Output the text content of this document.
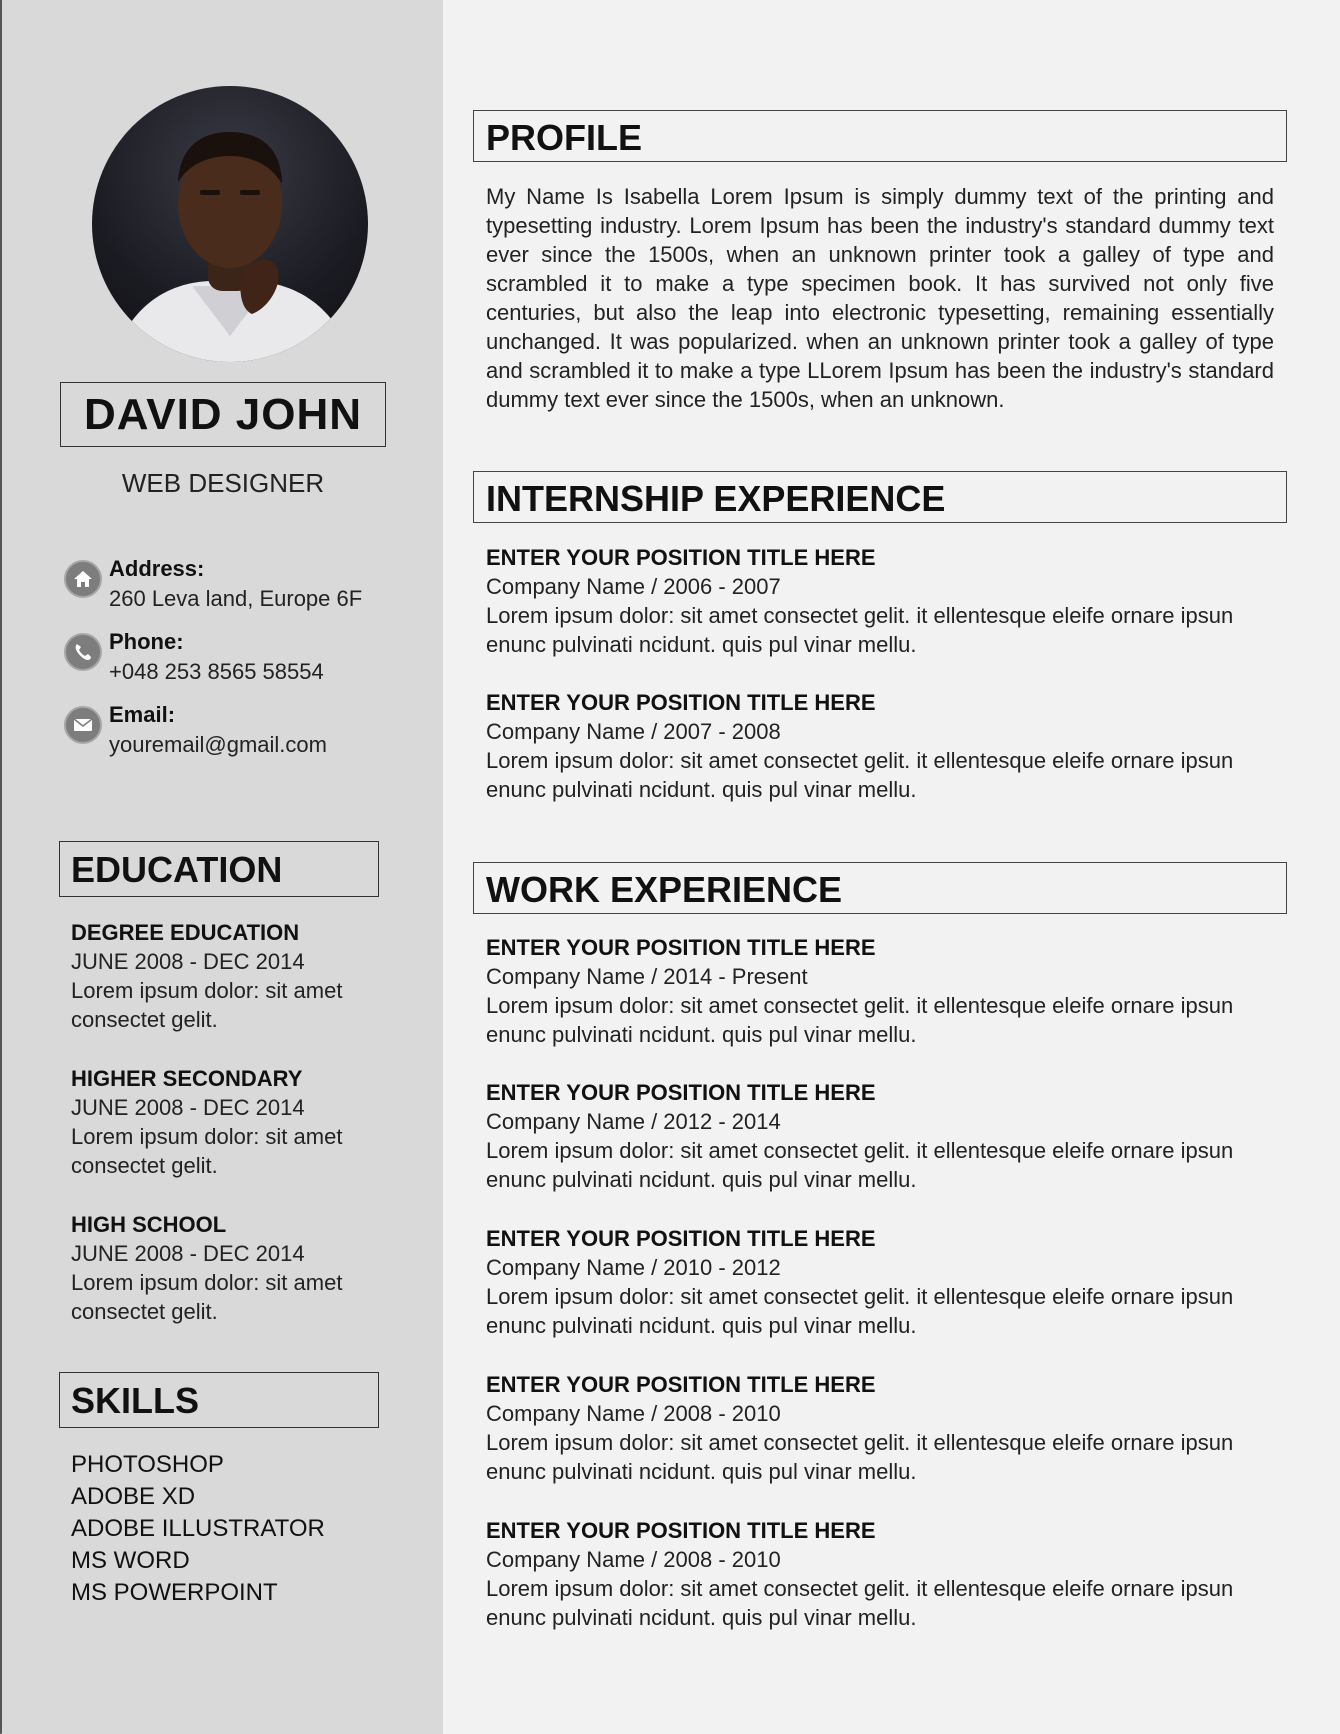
DAVID JOHN
WEB DESIGNER
Address:
260 Leva land, Europe 6F
Phone:
+048 253 8565 58554
Email:
youremail@gmail.com
EDUCATION
DEGREE EDUCATION
JUNE 2008 - DEC 2014
Lorem ipsum dolor: sit amet
consectet gelit.
HIGHER SECONDARY
JUNE 2008 - DEC 2014
Lorem ipsum dolor: sit amet
consectet gelit.
HIGH SCHOOL
JUNE 2008 - DEC 2014
Lorem ipsum dolor: sit amet
consectet gelit.
SKILLS
PHOTOSHOP
ADOBE XD
ADOBE ILLUSTRATOR
MS WORD
MS POWERPOINT
PROFILE
My Name Is Isabella Lorem Ipsum is simply dummy text of the printing and typesetting industry. Lorem Ipsum has been the industry's standard dummy text ever since the 1500s, when an unknown printer took a galley of type and scrambled it to make a type specimen book. It has survived not only five centuries, but also the leap into electronic typesetting, remaining essentially unchanged. It was popularized. when an unknown printer took a galley of type and scrambled it to make a type LLorem Ipsum has been the industry's standard dummy text ever since the 1500s, when an unknown.
INTERNSHIP EXPERIENCE
ENTER YOUR POSITION TITLE HERE
Company Name / 2006 - 2007
Lorem ipsum dolor: sit amet consectet gelit. it ellentesque eleife ornare ipsun
enunc pulvinati ncidunt. quis pul vinar mellu.
ENTER YOUR POSITION TITLE HERE
Company Name / 2007 - 2008
Lorem ipsum dolor: sit amet consectet gelit. it ellentesque eleife ornare ipsun
enunc pulvinati ncidunt. quis pul vinar mellu.
WORK EXPERIENCE
ENTER YOUR POSITION TITLE HERE
Company Name / 2014 - Present
Lorem ipsum dolor: sit amet consectet gelit. it ellentesque eleife ornare ipsun
enunc pulvinati ncidunt. quis pul vinar mellu.
ENTER YOUR POSITION TITLE HERE
Company Name / 2012 - 2014
Lorem ipsum dolor: sit amet consectet gelit. it ellentesque eleife ornare ipsun
enunc pulvinati ncidunt. quis pul vinar mellu.
ENTER YOUR POSITION TITLE HERE
Company Name / 2010 - 2012
Lorem ipsum dolor: sit amet consectet gelit. it ellentesque eleife ornare ipsun
enunc pulvinati ncidunt. quis pul vinar mellu.
ENTER YOUR POSITION TITLE HERE
Company Name / 2008 - 2010
Lorem ipsum dolor: sit amet consectet gelit. it ellentesque eleife ornare ipsun
enunc pulvinati ncidunt. quis pul vinar mellu.
ENTER YOUR POSITION TITLE HERE
Company Name / 2008 - 2010
Lorem ipsum dolor: sit amet consectet gelit. it ellentesque eleife ornare ipsun
enunc pulvinati ncidunt. quis pul vinar mellu.
